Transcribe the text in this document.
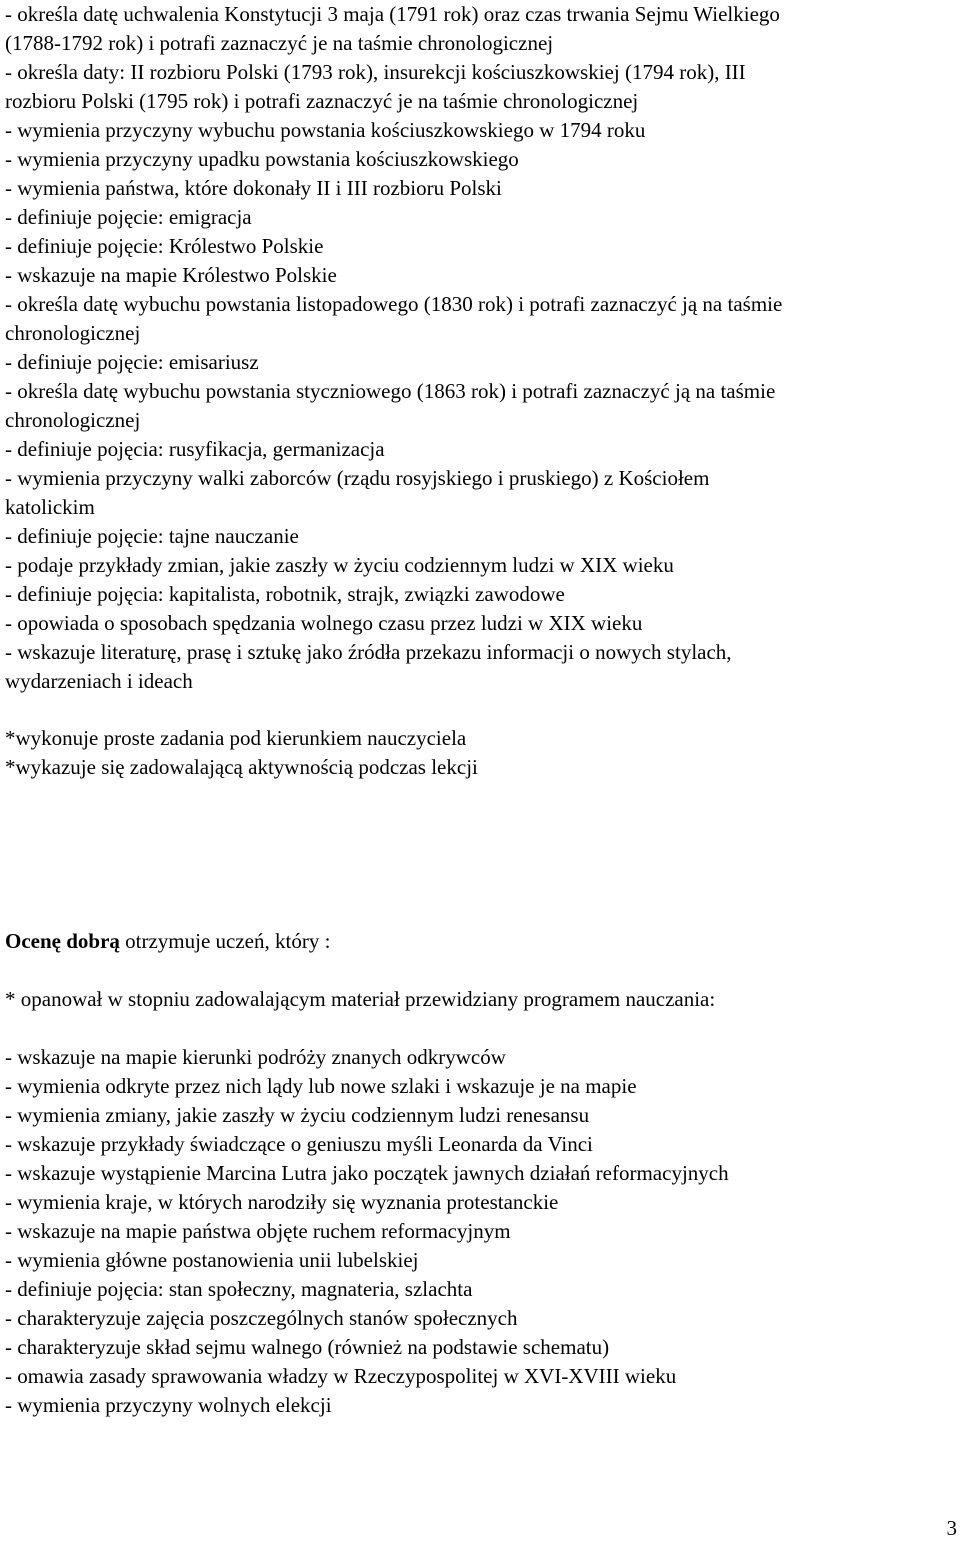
- określa datę uchwalenia Konstytucji 3 maja (1791 rok) oraz czas trwania Sejmu Wielkiego
(1788-1792 rok) i potrafi zaznaczyć je na taśmie chronologicznej
- określa daty: II rozbioru Polski (1793 rok), insurekcji kościuszkowskiej (1794 rok), III
rozbioru Polski (1795 rok) i potrafi zaznaczyć je na taśmie chronologicznej
- wymienia przyczyny wybuchu powstania kościuszkowskiego w 1794 roku
- wymienia przyczyny upadku powstania kościuszkowskiego
- wymienia państwa, które dokonały II i III rozbioru Polski
- definiuje pojęcie: emigracja
- definiuje pojęcie: Królestwo Polskie
- wskazuje na mapie Królestwo Polskie
- określa datę wybuchu powstania listopadowego (1830 rok) i potrafi zaznaczyć ją na taśmie
chronologicznej
- definiuje pojęcie: emisariusz
- określa datę wybuchu powstania styczniowego (1863 rok) i potrafi zaznaczyć ją na taśmie
chronologicznej
- definiuje pojęcia: rusyfikacja, germanizacja
- wymienia przyczyny walki zaborców (rządu rosyjskiego i pruskiego) z Kościołem
katolickim
- definiuje pojęcie: tajne nauczanie
- podaje przykłady zmian, jakie zaszły w życiu codziennym ludzi w XIX wieku
- definiuje pojęcia: kapitalista, robotnik, strajk, związki zawodowe
- opowiada o sposobach spędzania wolnego czasu przez ludzi w XIX wieku
- wskazuje literaturę, prasę i sztukę jako źródła przekazu informacji o nowych stylach,
wydarzeniach i ideach
*wykonuje proste zadania pod kierunkiem nauczyciela
*wykazuje się zadowalającą aktywnością podczas lekcji
Ocenę dobrą otrzymuje uczeń, który :
* opanował w stopniu zadowalającym materiał przewidziany programem nauczania:
- wskazuje na mapie kierunki podróży znanych odkrywców
- wymienia odkryte przez nich lądy lub nowe szlaki i wskazuje je na mapie
- wymienia zmiany, jakie zaszły w życiu codziennym ludzi renesansu
- wskazuje przykłady świadczące o geniuszu myśli Leonarda da Vinci
- wskazuje wystąpienie Marcina Lutra jako początek jawnych działań reformacyjnych
- wymienia kraje, w których narodziły się wyznania protestanckie
- wskazuje na mapie państwa objęte ruchem reformacyjnym
- wymienia główne postanowienia unii lubelskiej
- definiuje pojęcia: stan społeczny, magnateria, szlachta
- charakteryzuje zajęcia poszczególnych stanów społecznych
- charakteryzuje skład sejmu walnego (również na podstawie schematu)
- omawia zasady sprawowania władzy w Rzeczypospolitej w XVI-XVIII wieku
- wymienia przyczyny wolnych elekcji
3
